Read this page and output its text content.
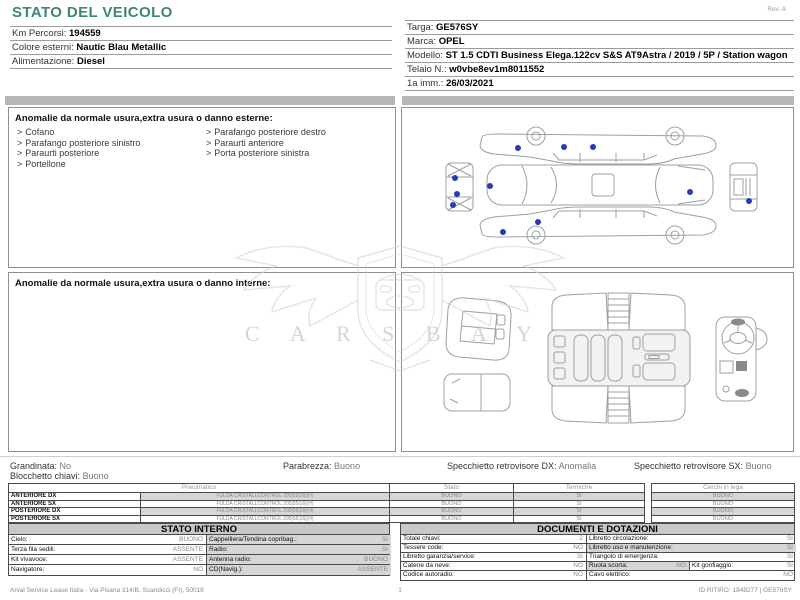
STATO DEL VEICOLO	Rev. A
Km Percorsi: 194559
Colore esterni: Nautic Blau Metallic
Alimentazione: Diesel
Targa: GE576SY
Marca: OPEL
Modello: ST 1.5 CDTI Business Elega.122cv S&S AT9Astra / 2019 / 5P / Station wagon
Telaio N.: w0vbe8ev1m8011552
1a imm.: 26/03/2021
Anomalie da normale usura,extra usura o danno esterne:
> Cofano
> Parafango posteriore sinistro
> Paraurti posteriore
> Portellone
> Parafango posteriore destro
> Paraurti anteriore
> Porta posteriore sinistra
Anomalie da normale usura,extra usura o danno interne:
C A R S B A Y
Grandinata: No	Parabrezza: Buono	Specchietto retrovisore DX: Anomalia	Specchietto retrovisore SX: Buono
Blocchetto chiavi: Buono
Pneumatico	Stato	Termiche
ANTERIORE DX	FULDA CRISTALLCONTROL 205|55|16|(H)	BUONO	SI
ANTERIORE SX	FULDA CRISTALLCONTROL 205|55|16|(H)	BUONO	SI
POSTERIORE DX	FULDA CRISTALLCONTROL 205|55|16|(H)	BUONO	SI
POSTERIORE SX	FULDA CRISTALLCONTROL 205|55|16|(H)	BUONO	SI
Cerchi in lega
BUONO
BUONO
BUONO
BUONO
STATO INTERNO
Cielo:	BUONO Cappelliera/Tendina copribag.:	SI
Terza fila sedili:	ASSENTE Radio:	SI
Kit vivavoce:	ASSENTE Antenna radio:	BUONO
Navigatore:	NO CD(Navig.):	ASSENTE
DOCUMENTI E DOTAZIONI
Totale chiavi:	2 Libretto circolazione:	SI
Tessere code:	NO Libretto uso e manutenzione:	SI
Libretto garanzia/service:	SI Triangolo di emergenza:	SI
Catene da neve:	NO Ruota scorta:	NO Kit gonfiaggio:	SI
Codice autoradio:	NO Cavo elettrico:	NO
Arval Service Lease Italia - Via Pisana 314/B, Scandicci (FI), 50018	1	ID RITIRO: 1848277 | GE576SY
